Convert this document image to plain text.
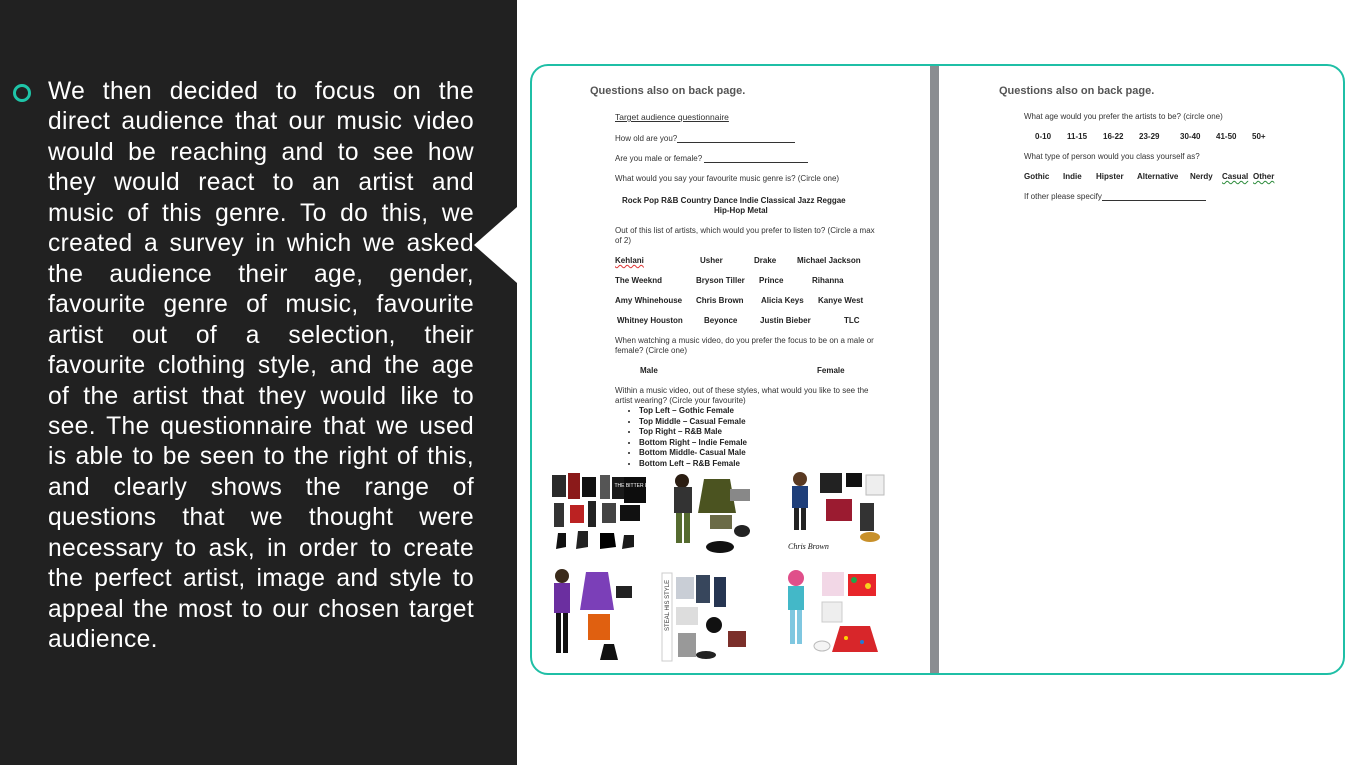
We then decided to focus on the direct audience that our music video would be reaching and to see how they would react to an artist and music of this genre. To do this, we created a survey in which we asked the audience their age, gender, favourite genre of music, favourite artist out of a selection, their favourite clothing style, and the age of the artist that they would like to see. The questionnaire that we used is able to be seen to the right of this, and clearly shows the range of questions that we thought were necessary to ask, in order to create the perfect artist, image and style to appeal the most to our chosen target audience.
Questions also on back page.
Target audience questionnaire
How old are you?
Are you male or female?
What would you say your favourite music genre is? (Circle one)
Rock Pop R&B Country Dance Indie Classical Jazz Reggae
Hip-Hop Metal
Out of this list of artists, which would you prefer to listen to? (Circle a max of 2)
Kehlani	Usher	Drake	Michael Jackson
The Weeknd	Bryson Tiller Prince	Rihanna
Amy Whinehouse Chris Brown Alicia Keys Kanye West
Whitney Houston	Beyonce	Justin Bieber	TLC
When watching a music video, do you prefer the focus to be on a male or female? (Circle one)
Male	Female
Within a music video, out of these styles, what would you like to see the artist wearing? (Circle your favourite)
• Top Left – Gothic Female
• Top Middle – Casual Female
• Top Right – R&B Male
• Bottom Right – Indie Female
• Bottom Middle- Casual Male
• Bottom Left – R&B Female
THE BITTER END
Chris Brown
STEAL HIS STYLE
Questions also on back page.
What age would you prefer the artists to be? (circle one)
0-10 11-15 16-22 23-29	30-40 41-50 50+
What type of person would you class yourself as?
Gothic Indie Hipster Alternative Nerdy Casual Other
If other please specify
